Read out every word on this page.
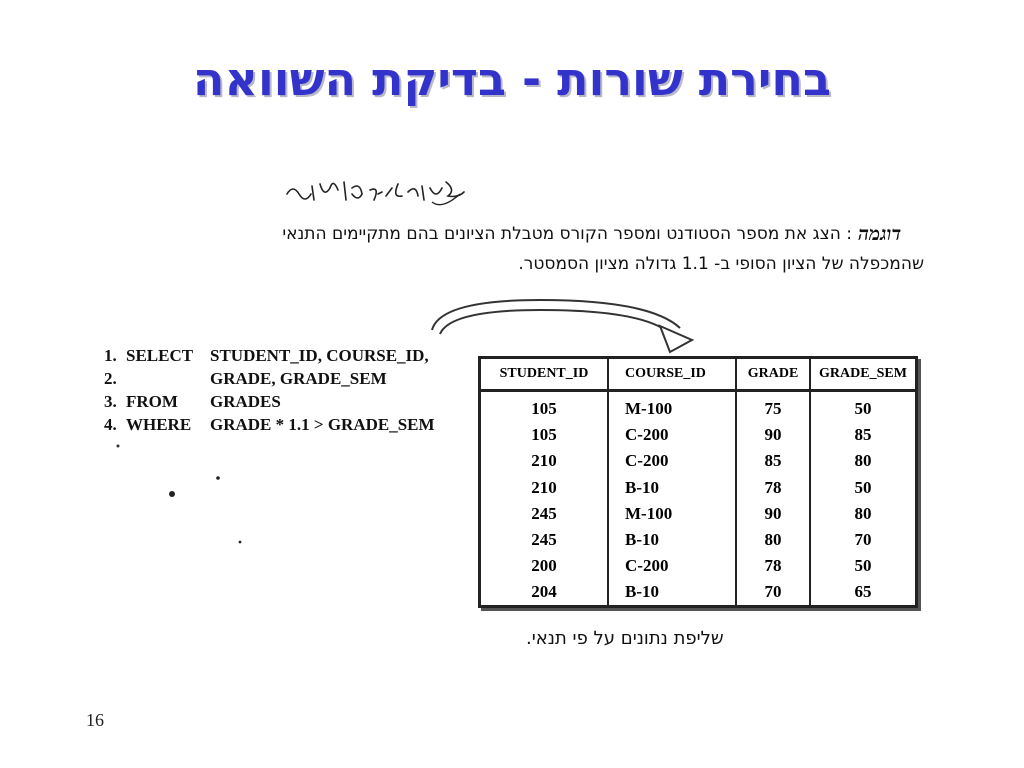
בחירת שורות - בדיקת השוואה
דוגמה
: הצג את מספר הסטודנט ומספר הקורס מטבלת הציונים בהם מתקיימים התנאי
שהמכפלה של הציון הסופי ב- 1.1 גדולה מציון הסמסטר.
1. SELECT STUDENT_ID, COURSE_ID,
2.	GRADE, GRADE_SEM
3. FROM	GRADES
4. WHERE	GRADE * 1.1 > GRADE_SEM
STUDENT_ID	COURSE_ID	GRADE	GRADE_SEM
105	M-100	75	50
105	C-200	90	85
210	C-200	85	80
210	B-10	78	50
245	M-100	90	80
245	B-10	80	70
200	C-200	78	50
204	B-10	70	65
שליפת נתונים על פי תנאי.
16
